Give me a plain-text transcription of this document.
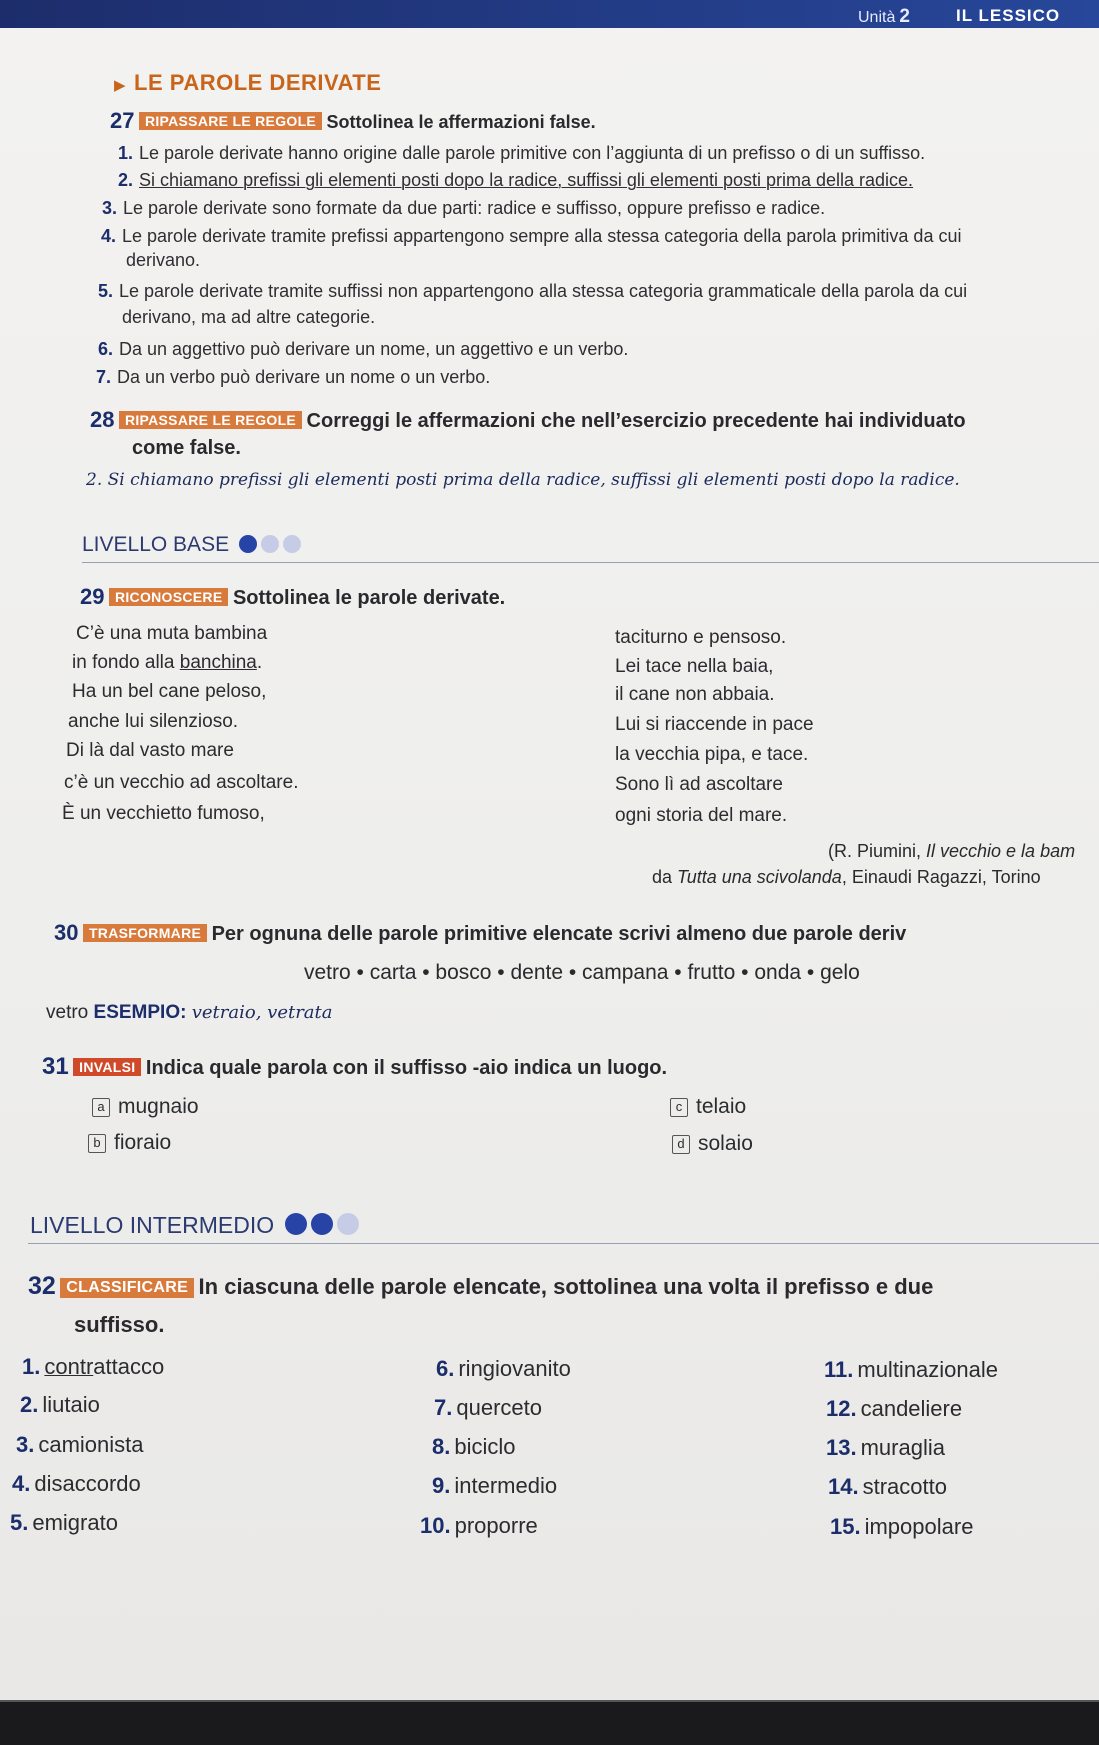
Unità 2	IL LESSICO
▶ LE PAROLE DERIVATE
27 RIPASSARE LE REGOLE Sottolinea le affermazioni false.
1. Le parole derivate hanno origine dalle parole primitive con l’aggiunta di un prefisso o di un suffisso.
2. Si chiamano prefissi gli elementi posti dopo la radice, suffissi gli elementi posti prima della radice.
3. Le parole derivate sono formate da due parti: radice e suffisso, oppure prefisso e radice.
4. Le parole derivate tramite prefissi appartengono sempre alla stessa categoria della parola primitiva da cui
derivano.
5. Le parole derivate tramite suffissi non appartengono alla stessa categoria grammaticale della parola da cui
derivano, ma ad altre categorie.
6. Da un aggettivo può derivare un nome, un aggettivo e un verbo.
7. Da un verbo può derivare un nome o un verbo.
28 RIPASSARE LE REGOLE Correggi le affermazioni che nell’esercizio precedente hai individuato
come false.
2. Si chiamano prefissi gli elementi posti prima della radice, suffissi gli elementi posti dopo la radice.
LIVELLO BASE
29 RICONOSCERE Sottolinea le parole derivate.
C’è una muta bambina
in fondo alla banchina.
Ha un bel cane peloso,
anche lui silenzioso.
Di là dal vasto mare
c’è un vecchio ad ascoltare.
È un vecchietto fumoso,
taciturno e pensoso.
Lei tace nella baia,
il cane non abbaia.
Lui si riaccende in pace
la vecchia pipa, e tace.
Sono lì ad ascoltare
ogni storia del mare.
(R. Piumini, Il vecchio e la bam
da Tutta una scivolanda, Einaudi Ragazzi, Torino
30 TRASFORMARE Per ognuna delle parole primitive elencate scrivi almeno due parole deriv
vetro • carta • bosco • dente • campana • frutto • onda • gelo
vetro ESEMPIO: vetraio, vetrata
31 INVALSI Indica quale parola con il suffisso -aio indica un luogo.
a mugnaio
b fioraio
c telaio
d solaio
LIVELLO INTERMEDIO
32 CLASSIFICARE In ciascuna delle parole elencate, sottolinea una volta il prefisso e due
suffisso.
1. contrattacco
2. liutaio
3. camionista
4. disaccordo
5. emigrato
6. ringiovanito
7. querceto
8. biciclo
9. intermedio
10. proporre
11. multinazionale
12. candeliere
13. muraglia
14. stracotto
15. impopolare
